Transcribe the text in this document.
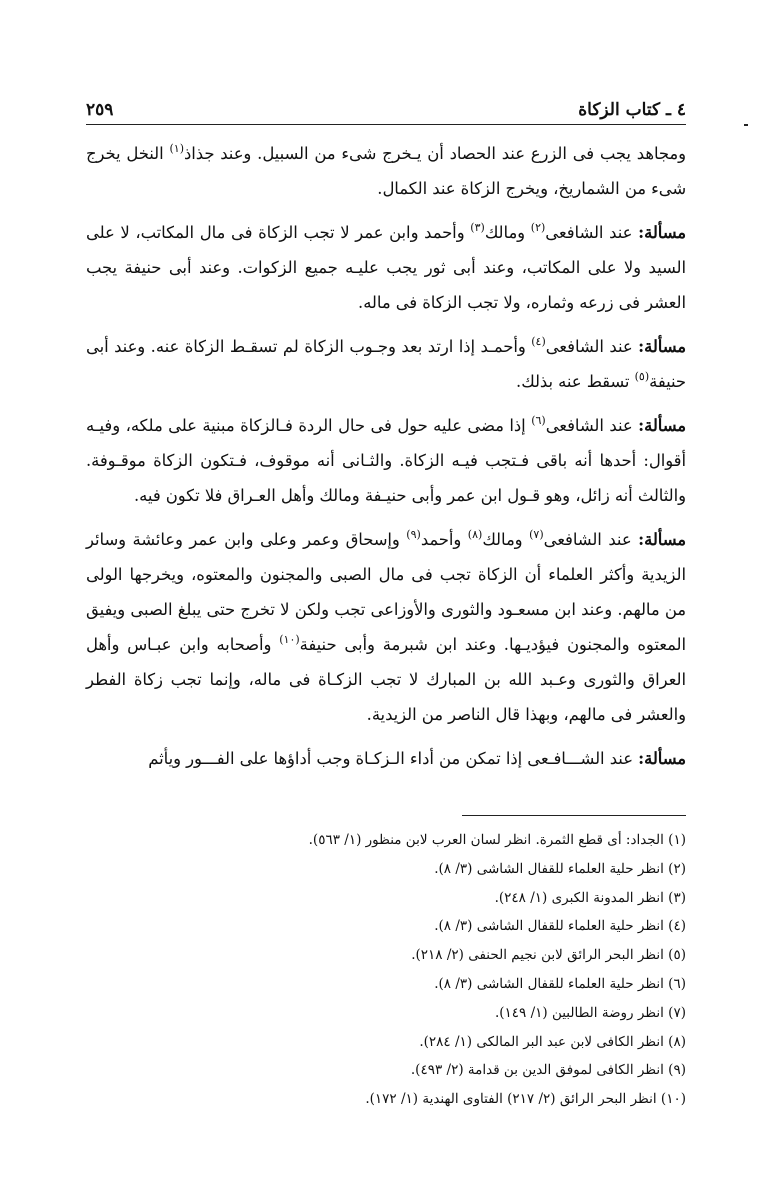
٤ ـ كتاب الزكاة
٢٥٩

ومجاهد يجب فى الزرع عند الحصاد أن يـخرج شىء من السبيل. وعند جذاذ$^{(١)}$ النخل يخرج شىء من الشماريخ، ويخرج الزكاة عند الكمال.

مسألة: عند الشافعى$^{(٢)}$ ومالك$^{(٣)}$ وأحمد وابن عمر لا تجب الزكاة فى مال المكاتب، لا على السيد ولا على المكاتب، وعند أبى ثور يجب عليـه جميع الزكوات. وعند أبى حنيفة يجب العشر فى زرعه وثماره، ولا تجب الزكاة فى ماله.

مسألة: عند الشافعى$^{(٤)}$ وأحمـد إذا ارتد بعد وجـوب الزكاة لم تسقـط الزكاة عنه. وعند أبى حنيفة$^{(٥)}$ تسقط عنه بذلك.

مسألة: عند الشافعى$^{(٦)}$ إذا مضى عليه حول فى حال الردة فـالزكاة مبنية على ملكه، وفيـه أقوال: أحدها أنه باقى فـتجب فيـه الزكاة. والثـانى أنه موقوف، فـتكون الزكاة موقـوفة. والثالث أنه زائل، وهو قـول ابن عمر وأبى حنيـفة ومالك وأهل العـراق فلا تكون فيه.

مسألة: عند الشافعى$^{(٧)}$ ومالك$^{(٨)}$ وأحمد$^{(٩)}$ وإسحاق وعمر وعلى وابن عمر وعائشة وسائر الزيدية وأكثر العلماء أن الزكاة تجب فى مال الصبى والمجنون والمعتوه، ويخرجها الولى من مالهم. وعند ابن مسعـود والثورى والأوزاعى تجب ولكن لا تخرج حتى يبلغ الصبى ويفيق المعتوه والمجنون فيؤديـها. وعند ابن شبرمة وأبى حنيفة$^{(١٠)}$ وأصحابه وابن عبـاس وأهل العراق والثورى وعـبد الله بن المبارك لا تجب الزكـاة فى ماله، وإنما تجب زكاة الفطر والعشر فى مالهم، وبهذا قال الناصر من الزيدية.

مسألة: عند الشـــافـعى إذا تمكن من أداء الـزكـاة وجب أداؤها على الفـــور ويأثم

(١) الجداد: أى قطع الثمرة. انظر لسان العرب لابن منظور (١/ ٥٦٣).
(٢) انظر حلية العلماء للقفال الشاشى (٣/ ٨).
(٣) انظر المدونة الكبرى (١/ ٢٤٨).
(٤) انظر حلية العلماء للقفال الشاشى (٣/ ٨).
(٥) انظر البحر الرائق لابن نجيم الحنفى (٢/ ٢١٨).
(٦) انظر حلية العلماء للقفال الشاشى (٣/ ٨).
(٧) انظر روضة الطالبين (١/ ١٤٩).
(٨) انظر الكافى لابن عبد البر المالكى (١/ ٢٨٤).
(٩) انظر الكافى لموفق الدين بن قدامة (٢/ ٤٩٣).
(١٠) انظر البحر الرائق (٢/ ٢١٧) الفتاوى الهندية (١/ ١٧٢).
